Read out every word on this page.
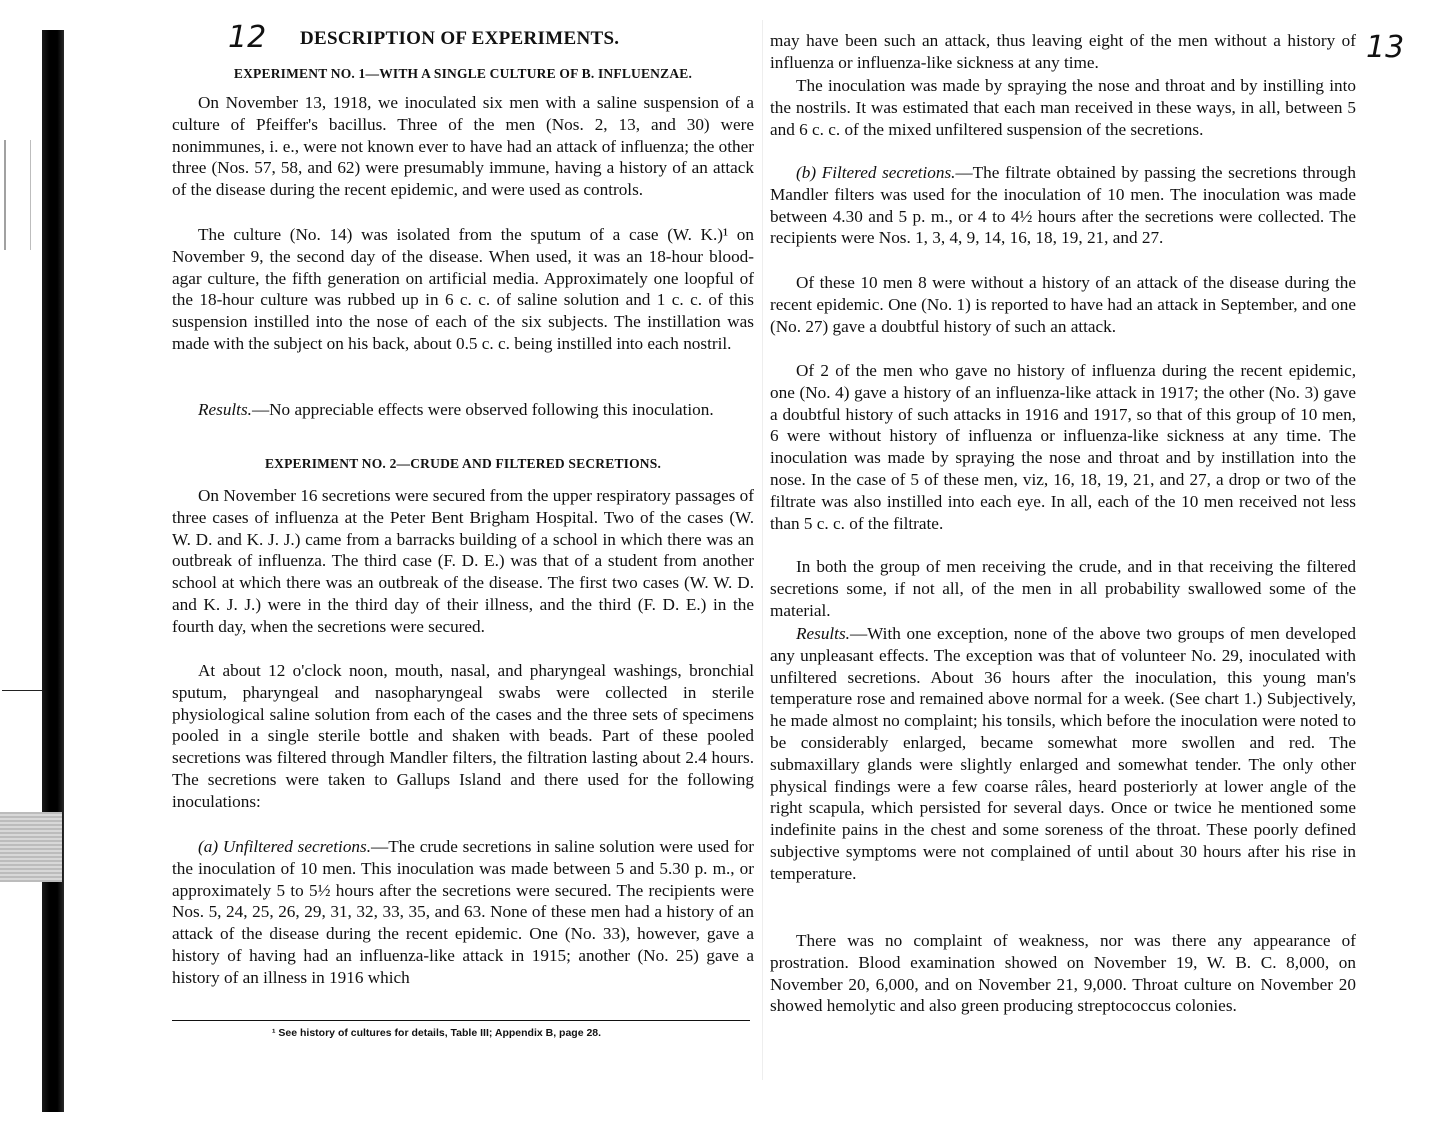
12	13
DESCRIPTION OF EXPERIMENTS.
EXPERIMENT NO. 1—WITH A SINGLE CULTURE OF B. INFLUENZAE.

On November 13, 1918, we inoculated six men with a saline suspension of a culture of Pfeiffer's bacillus. Three of the men (Nos. 2, 13, and 30) were nonimmunes, i. e., were not known ever to have had an attack of influenza; the other three (Nos. 57, 58, and 62) were presumably immune, having a history of an attack of the disease during the recent epidemic, and were used as controls.

The culture (No. 14) was isolated from the sputum of a case (W. K.)¹ on November 9, the second day of the disease. When used, it was an 18-hour blood-agar culture, the fifth generation on artificial media. Approximately one loopful of the 18-hour culture was rubbed up in 6 c. c. of saline solution and 1 c. c. of this suspension instilled into the nose of each of the six subjects. The instillation was made with the subject on his back, about 0.5 c. c. being instilled into each nostril.

Results.—No appreciable effects were observed following this inoculation.

EXPERIMENT NO. 2—CRUDE AND FILTERED SECRETIONS.

On November 16 secretions were secured from the upper respiratory passages of three cases of influenza at the Peter Bent Brigham Hospital. Two of the cases (W. W. D. and K. J. J.) came from a barracks building of a school in which there was an outbreak of influenza. The third case (F. D. E.) was that of a student from another school at which there was an outbreak of the disease. The first two cases (W. W. D. and K. J. J.) were in the third day of their illness, and the third (F. D. E.) in the fourth day, when the secretions were secured.

At about 12 o'clock noon, mouth, nasal, and pharyngeal washings, bronchial sputum, pharyngeal and nasopharyngeal swabs were collected in sterile physiological saline solution from each of the cases and the three sets of specimens pooled in a single sterile bottle and shaken with beads. Part of these pooled secretions was filtered through Mandler filters, the filtration lasting about 2.4 hours. The secretions were taken to Gallups Island and there used for the following inoculations:

(a) Unfiltered secretions.—The crude secretions in saline solution were used for the inoculation of 10 men. This inoculation was made between 5 and 5.30 p. m., or approximately 5 to 5½ hours after the secretions were secured. The recipients were Nos. 5, 24, 25, 26, 29, 31, 32, 33, 35, and 63. None of these men had a history of an attack of the disease during the recent epidemic. One (No. 33), however, gave a history of having had an influenza-like attack in 1915; another (No. 25) gave a history of an illness in 1916 which

¹ See history of cultures for details, Table III; Appendix B, page 28.

may have been such an attack, thus leaving eight of the men without a history of influenza or influenza-like sickness at any time.

The inoculation was made by spraying the nose and throat and by instilling into the nostrils. It was estimated that each man received in these ways, in all, between 5 and 6 c. c. of the mixed unfiltered suspension of the secretions.

(b) Filtered secretions.—The filtrate obtained by passing the secretions through Mandler filters was used for the inoculation of 10 men. The inoculation was made between 4.30 and 5 p. m., or 4 to 4½ hours after the secretions were collected. The recipients were Nos. 1, 3, 4, 9, 14, 16, 18, 19, 21, and 27.

Of these 10 men 8 were without a history of an attack of the disease during the recent epidemic. One (No. 1) is reported to have had an attack in September, and one (No. 27) gave a doubtful history of such an attack.

Of 2 of the men who gave no history of influenza during the recent epidemic, one (No. 4) gave a history of an influenza-like attack in 1917; the other (No. 3) gave a doubtful history of such attacks in 1916 and 1917, so that of this group of 10 men, 6 were without history of influenza or influenza-like sickness at any time. The inoculation was made by spraying the nose and throat and by instillation into the nose. In the case of 5 of these men, viz, 16, 18, 19, 21, and 27, a drop or two of the filtrate was also instilled into each eye. In all, each of the 10 men received not less than 5 c. c. of the filtrate.

In both the group of men receiving the crude, and in that receiving the filtered secretions some, if not all, of the men in all probability swallowed some of the material.

Results.—With one exception, none of the above two groups of men developed any unpleasant effects. The exception was that of volunteer No. 29, inoculated with unfiltered secretions. About 36 hours after the inoculation, this young man's temperature rose and remained above normal for a week. (See chart 1.) Subjectively, he made almost no complaint; his tonsils, which before the inoculation were noted to be considerably enlarged, became somewhat more swollen and red. The submaxillary glands were slightly enlarged and somewhat tender. The only other physical findings were a few coarse râles, heard posteriorly at lower angle of the right scapula, which persisted for several days. Once or twice he mentioned some indefinite pains in the chest and some soreness of the throat. These poorly defined subjective symptoms were not complained of until about 30 hours after his rise in temperature.

There was no complaint of weakness, nor was there any appearance of prostration. Blood examination showed on November 19, W. B. C. 8,000, on November 20, 6,000, and on November 21, 9,000. Throat culture on November 20 showed hemolytic and also green producing streptococcus colonies.
